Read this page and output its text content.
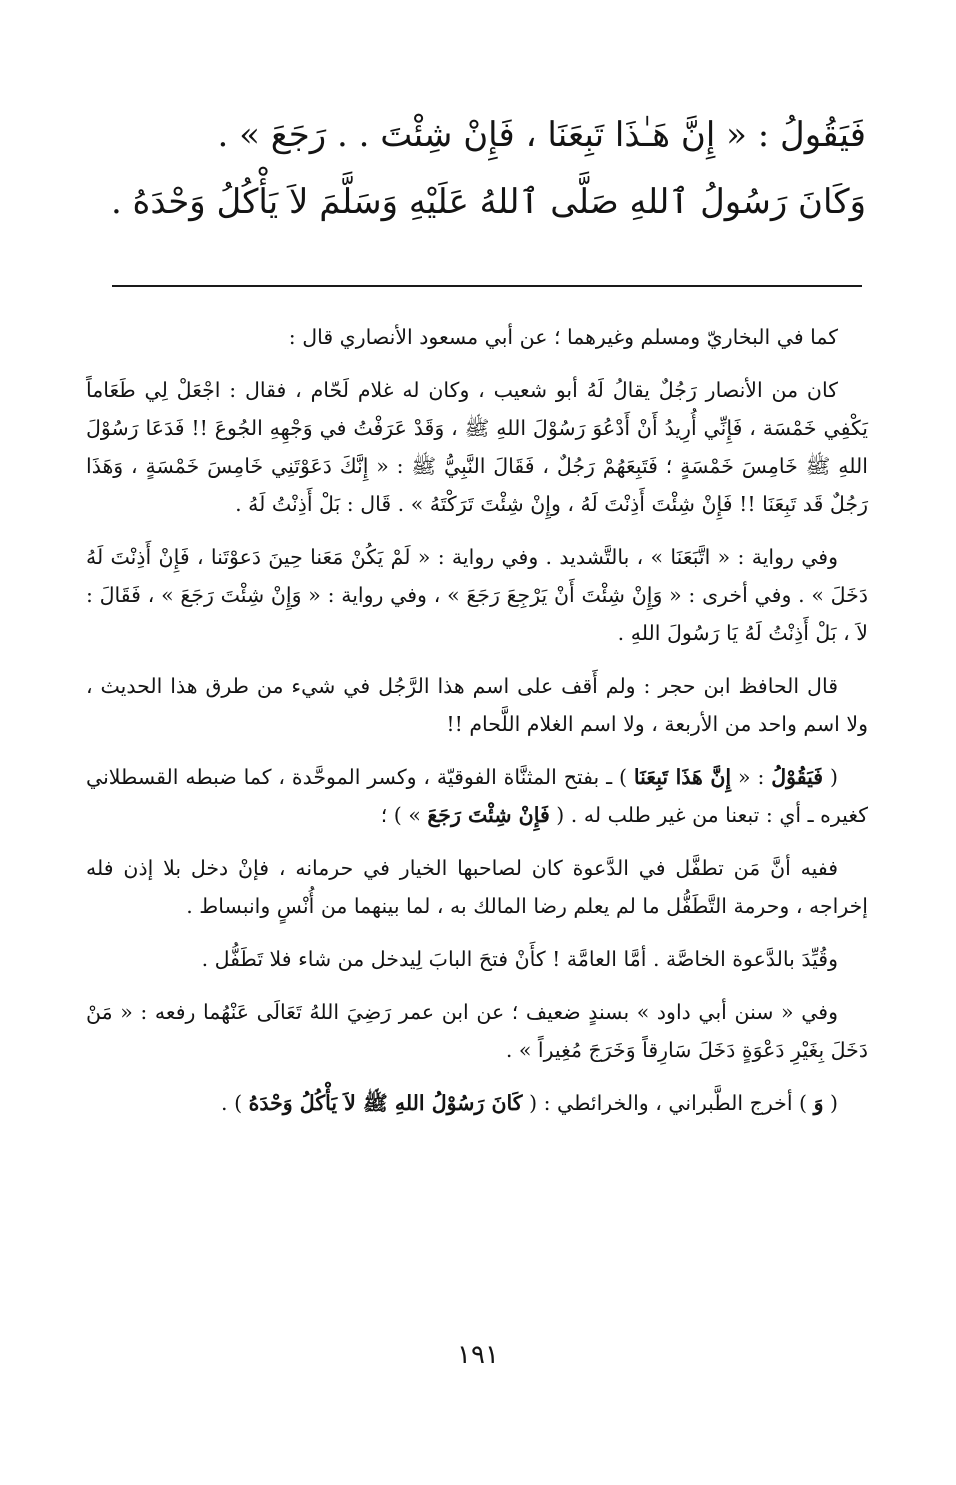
فَيَقُولُ : « إِنَّ هَـٰذَا تَبِعَنَا ، فَإِنْ شِئْتَ . . رَجَعَ » .
وَكَانَ رَسُولُ ٱللهِ صَلَّى ٱللهُ عَلَيْهِ وَسَلَّمَ لاَ يَأْكُلُ وَحْدَهُ .

كما في البخاريّ ومسلم وغيرهما ؛ عن أبي مسعود الأنصاري قال :

كان من الأنصار رَجُلٌ يقالُ لَهُ أبو شعيب ، وكان له غلام لَحّام ، فقال : اجْعَلْ لِي طَعَاماً يَكْفِي خَمْسَة ، فَإِنِّي أُرِيدُ أَنْ أَدْعُوَ رَسُوْلَ اللهِ ﷺ ، وَقَدْ عَرَفْتُ في وَجْهِهِ الجُوعَ !! فَدَعَا رَسُوْلَ اللهِ ﷺ خَامِسَ خَمْسَةٍ ؛ فَتَبِعَهُمْ رَجُلٌ ، فَقَالَ النَّبِيُّ ﷺ : « إِنَّكَ دَعَوْتَنِي خَامِسَ خَمْسَةٍ ، وَهَذَا رَجُلٌ قَد تَبِعَنَا !! فَإِنْ شِئْتَ أَذِنْتَ لَهُ ، وإِنْ شِئْتَ تَرَكْتَهُ » . قَال : بَلْ أَذِنْتُ لَهُ .

وفي رواية : « اتَّبَعَنَا » ، بالتَّشديد . وفي رواية : « لَمْ يَكُنْ مَعَنا حِينَ دَعوْتَنا ، فَإِنْ أَذِنْتَ لَهُ دَخَلَ » . وفي أخرى : « وَإِنْ شِئْتَ أَنْ يَرْجِعَ رَجَعَ » ، وفي رواية : « وَإِنْ شِئْتَ رَجَعَ » ، فَقَالَ : لاَ ، بَلْ أَذِنْتُ لَهُ يَا رَسُولَ اللهِ .

قال الحافظ ابن حجر : ولم أَقف على اسم هذا الرَّجُل في شيء من طرق هذا الحديث ، ولا اسم واحد من الأربعة ، ولا اسم الغلام اللَّحام !!

( فَيَقُوْلُ : « إِنَّ هَذَا تَبِعَنَا ) ـ بفتح المثنَّاة الفوقيّة ، وكسر الموحَّدة ، كما ضبطه القسطلاني كغيره ـ أي : تبعنا من غير طلب له . ( فَإِنْ شِئْتَ رَجَعَ » ) ؛

ففيه أنَّ مَن تطفَّل في الدَّعوة كان لصاحبها الخيار في حرمانه ، فإنْ دخل بلا إذن فله إخراجه ، وحرمة التَّطَفُّل ما لم يعلم رضا المالك به ، لما بينهما من أُنْسٍ وانبساط .

وقُيِّدَ بالدَّعوة الخاصَّة . أمَّا العامَّة ! كأَنْ فتحَ البابَ لِيدخل من شاء فلا تَطَفُّل .

وفي « سنن أبي داود » بسندٍ ضعيف ؛ عن ابن عمر رَضِيَ اللهُ تَعَالَى عَنْهُما رفعه : « مَنْ دَخَلَ بِغَيْرِ دَعْوَةٍ دَخَلَ سَارِقاً وَخَرَجَ مُغِيراً » .

( وَ ) أخرج الطَّبراني ، والخرائطي : ( كَانَ رَسُوْلُ اللهِ ﷺ لاَ يَأْكُلُ وَحْدَهُ ) .

١٩١
